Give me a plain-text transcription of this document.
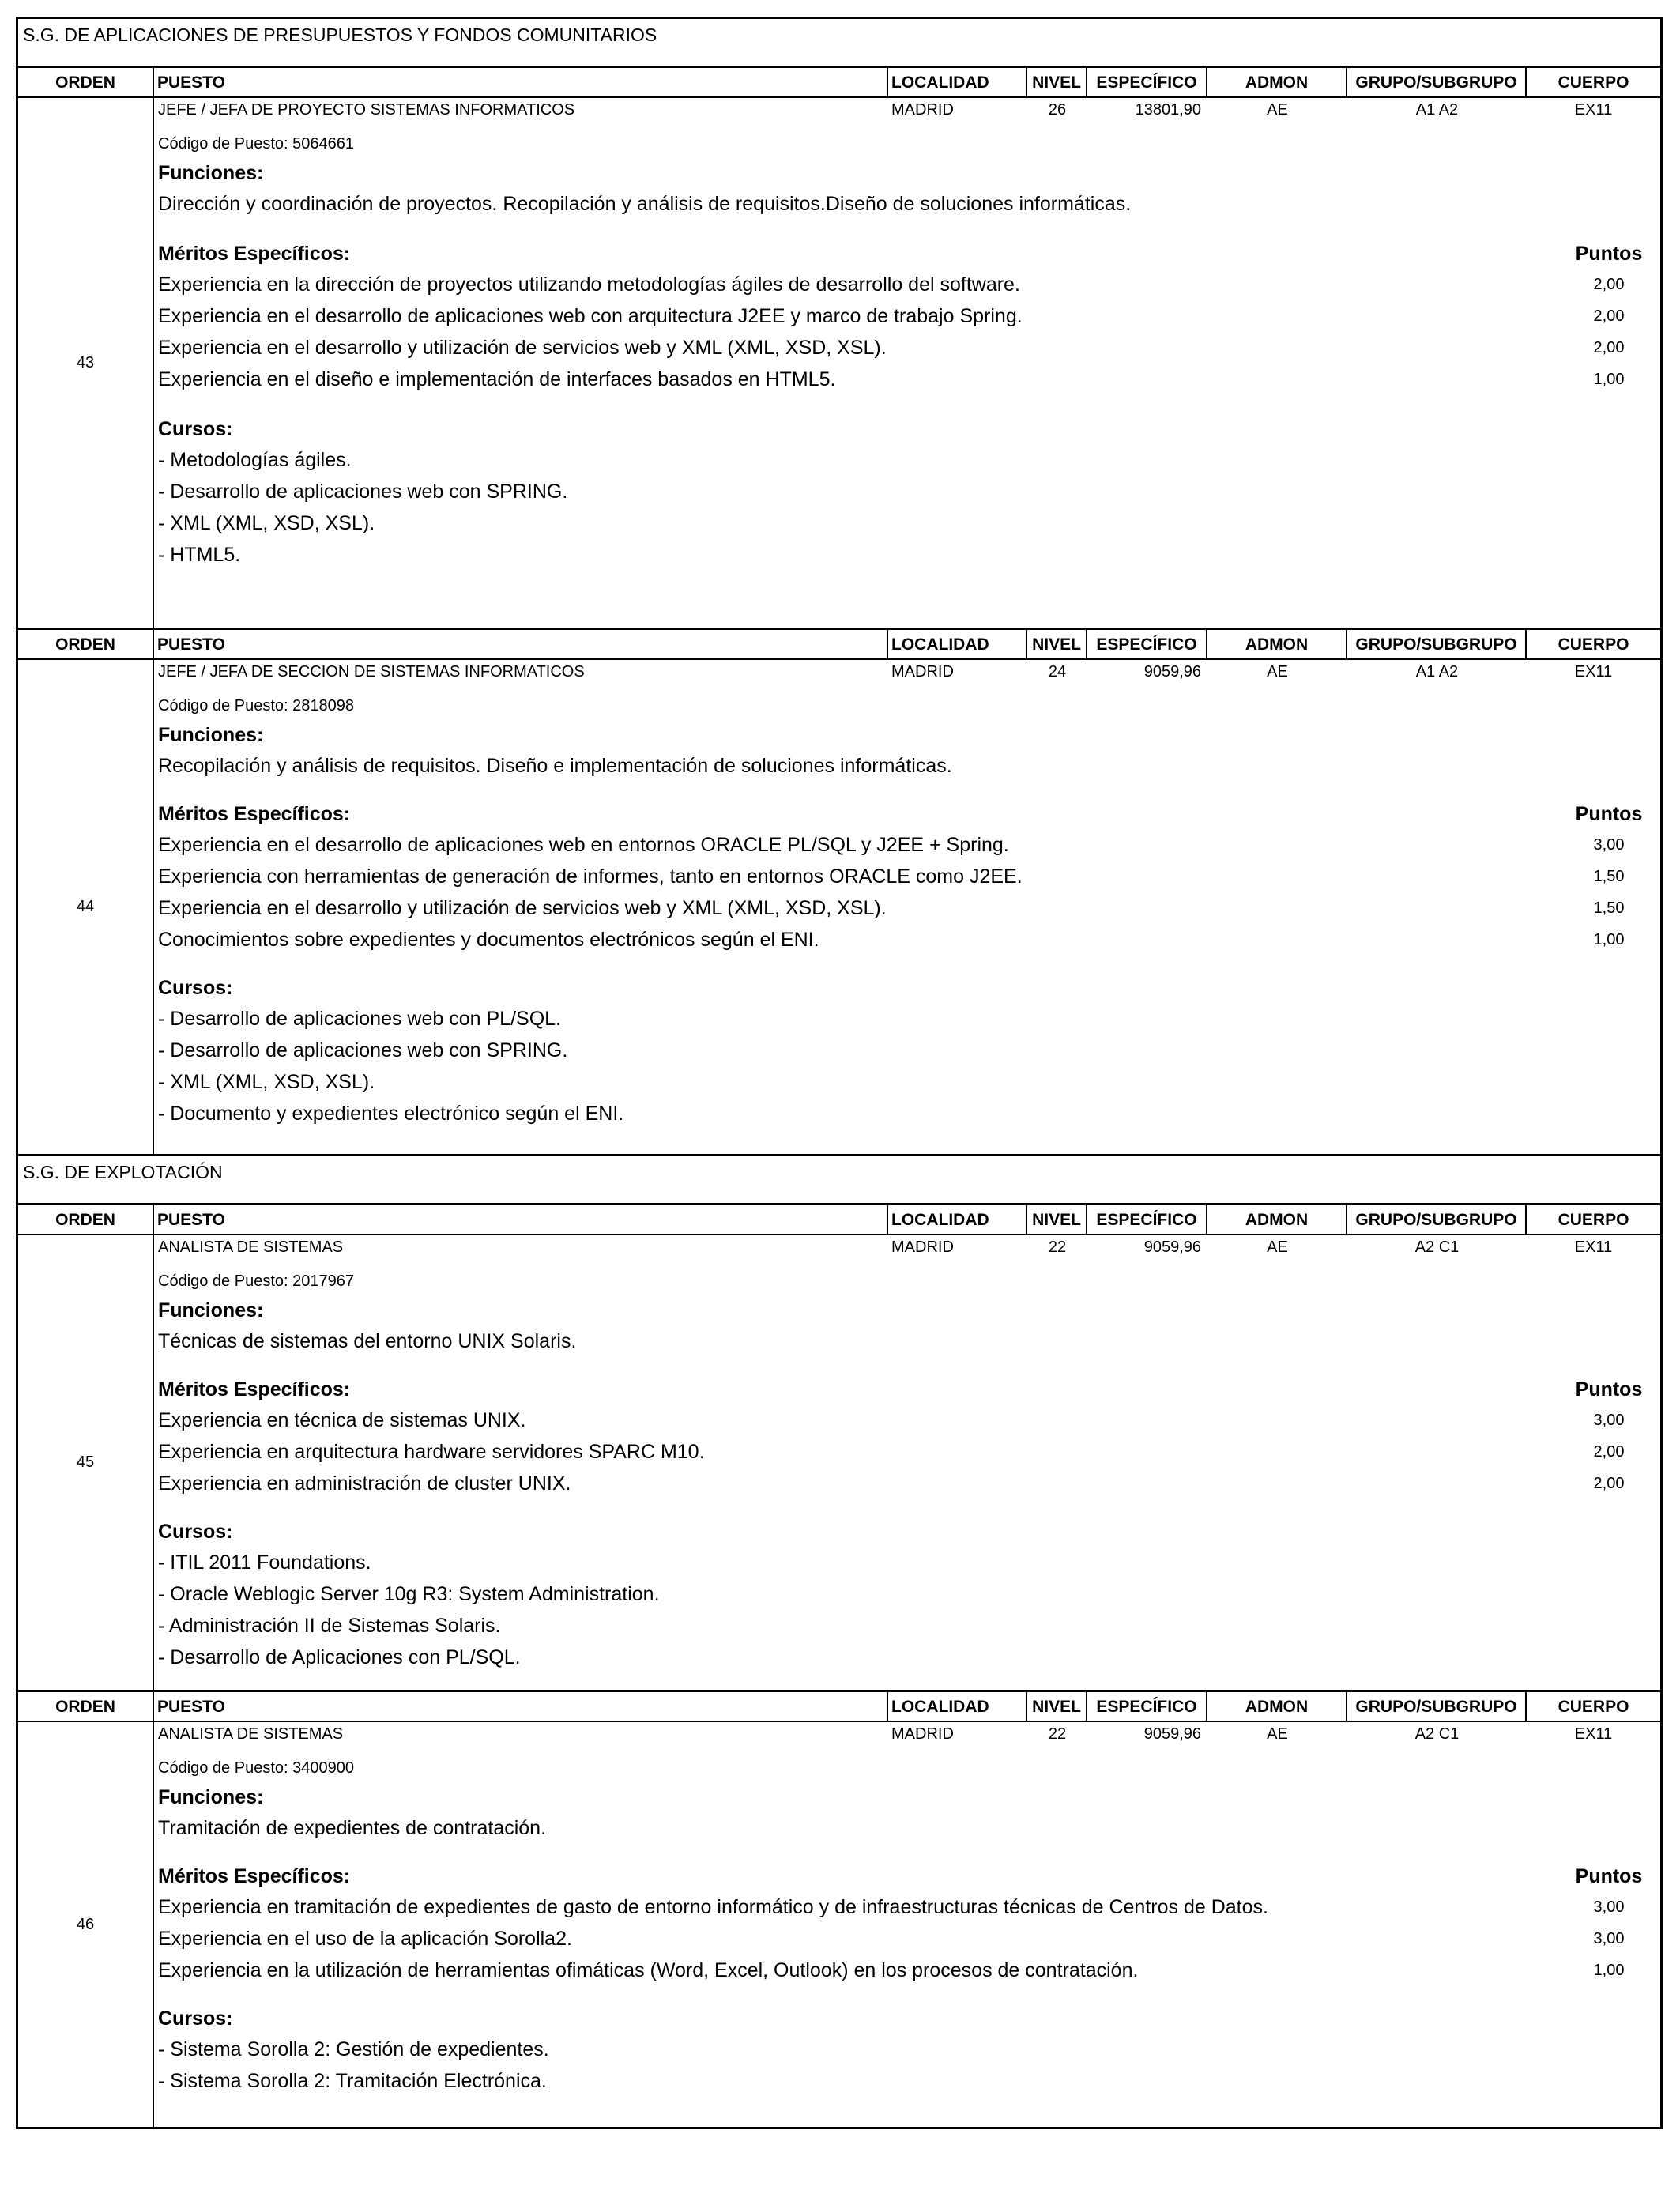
S.G. DE APLICACIONES DE PRESUPUESTOS Y FONDOS COMUNITARIOS
ORDEN	PUESTO	LOCALIDAD	NIVEL ESPECÍFICO	ADMON	GRUPO/SUBGRUPO	CUERPO
43
JEFE / JEFA DE PROYECTO SISTEMAS INFORMATICOS	MADRID	26	13801,90	AE	A1 A2	EX11
Código de Puesto: 5064661
Funciones:
Dirección y coordinación de proyectos. Recopilación y análisis de requisitos.Diseño de soluciones informáticas.
Méritos Específicos:	Puntos
Experiencia en la dirección de proyectos utilizando metodologías ágiles de desarrollo del software.	2,00
Experiencia en el desarrollo de aplicaciones web con arquitectura J2EE y marco de trabajo Spring.	2,00
Experiencia en el desarrollo y utilización de servicios web y XML (XML, XSD, XSL).	2,00
Experiencia en el diseño e implementación de interfaces basados en HTML5.	1,00
Cursos:
- Metodologías ágiles.
- Desarrollo de aplicaciones web con SPRING.
- XML (XML, XSD, XSL).
- HTML5.
ORDEN	PUESTO	LOCALIDAD	NIVEL ESPECÍFICO	ADMON	GRUPO/SUBGRUPO	CUERPO
44
JEFE / JEFA DE SECCION DE SISTEMAS INFORMATICOS	MADRID	24	9059,96	AE	A1 A2	EX11
Código de Puesto: 2818098
Funciones:
Recopilación y análisis de requisitos. Diseño e implementación de soluciones informáticas.
Méritos Específicos:	Puntos
Experiencia en el desarrollo de aplicaciones web en entornos ORACLE PL/SQL y J2EE + Spring.	3,00
Experiencia con herramientas de generación de informes, tanto en entornos ORACLE como J2EE.	1,50
Experiencia en el desarrollo y utilización de servicios web y XML (XML, XSD, XSL).	1,50
Conocimientos sobre expedientes y documentos electrónicos según el ENI.	1,00
Cursos:
- Desarrollo de aplicaciones web con PL/SQL.
- Desarrollo de aplicaciones web con SPRING.
- XML (XML, XSD, XSL).
- Documento y expedientes electrónico según el ENI.
S.G. DE EXPLOTACIÓN
ORDEN	PUESTO	LOCALIDAD	NIVEL ESPECÍFICO	ADMON	GRUPO/SUBGRUPO	CUERPO
45
ANALISTA DE SISTEMAS	MADRID	22	9059,96	AE	A2 C1	EX11
Código de Puesto: 2017967
Funciones:
Técnicas de sistemas del entorno UNIX Solaris.
Méritos Específicos:	Puntos
Experiencia en técnica de sistemas UNIX.	3,00
Experiencia en arquitectura hardware servidores SPARC M10.	2,00
Experiencia en administración de cluster UNIX.	2,00
Cursos:
- ITIL 2011 Foundations.
- Oracle Weblogic Server 10g R3: System Administration.
- Administración II de Sistemas Solaris.
- Desarrollo de Aplicaciones con PL/SQL.
ORDEN	PUESTO	LOCALIDAD	NIVEL ESPECÍFICO	ADMON	GRUPO/SUBGRUPO	CUERPO
46
ANALISTA DE SISTEMAS	MADRID	22	9059,96	AE	A2 C1	EX11
Código de Puesto: 3400900
Funciones:
Tramitación de expedientes de contratación.
Méritos Específicos:	Puntos
Experiencia en tramitación de expedientes de gasto de entorno informático y de infraestructuras técnicas de Centros de Datos.	3,00
Experiencia en el uso de la aplicación Sorolla2.	3,00
Experiencia en la utilización de herramientas ofimáticas (Word, Excel, Outlook) en los procesos de contratación.	1,00
Cursos:
- Sistema Sorolla 2: Gestión de expedientes.
- Sistema Sorolla 2: Tramitación Electrónica.
